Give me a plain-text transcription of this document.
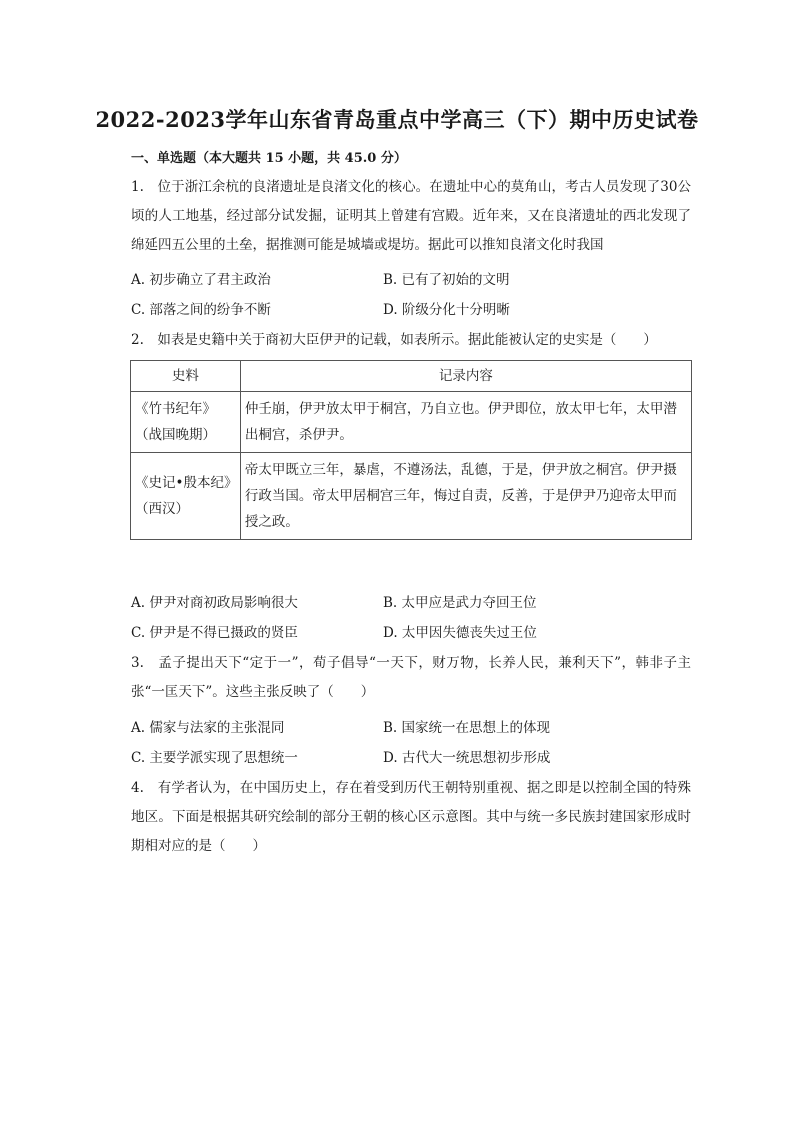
2022-2023学年山东省青岛重点中学高三（下）期中历史试卷
一、单选题（本大题共 15 小题，共 45.0 分）
1.　位于浙江余杭的良渚遗址是良渚文化的核心。在遗址中心的莫角山，考古人员发现了30公顷的人工地基，经过部分试发掘，证明其上曾建有宫殿。近年来，又在良渚遗址的西北发现了绵延四五公里的土垒，据推测可能是城墙或堤坊。据此可以推知良渚文化时我国
A. 初步确立了君主政治	B. 已有了初始的文明
C. 部落之间的纷争不断	D. 阶级分化十分明晰
2.　如表是史籍中关于商初大臣伊尹的记载，如表所示。据此能被认定的史实是（　　）
史料	记录内容
《竹书纪年》（战国晚期）	仲壬崩，伊尹放太甲于桐宫，乃自立也。伊尹即位，放太甲七年，太甲潜出桐宫，杀伊尹。
《史记•殷本纪》（西汉）	帝太甲既立三年，暴虐，不遵汤法，乱德，于是，伊尹放之桐宫。伊尹摄行政当国。帝太甲居桐宫三年，悔过自责，反善，于是伊尹乃迎帝太甲而授之政。
A. 伊尹对商初政局影响很大	B. 太甲应是武力夺回王位
C. 伊尹是不得已摄政的贤臣	D. 太甲因失德丧失过王位
3.　孟子提出天下“定于一”，荀子倡导“一天下，财万物，长养人民，兼利天下”，韩非子主张“一匡天下”。这些主张反映了（　　）
A. 儒家与法家的主张混同	B. 国家统一在思想上的体现
C. 主要学派实现了思想统一	D. 古代大一统思想初步形成
4.　有学者认为，在中国历史上，存在着受到历代王朝特别重视、据之即是以控制全国的特殊地区。下面是根据其研究绘制的部分王朝的核心区示意图。其中与统一多民族封建国家形成时期相对应的是（　　）
